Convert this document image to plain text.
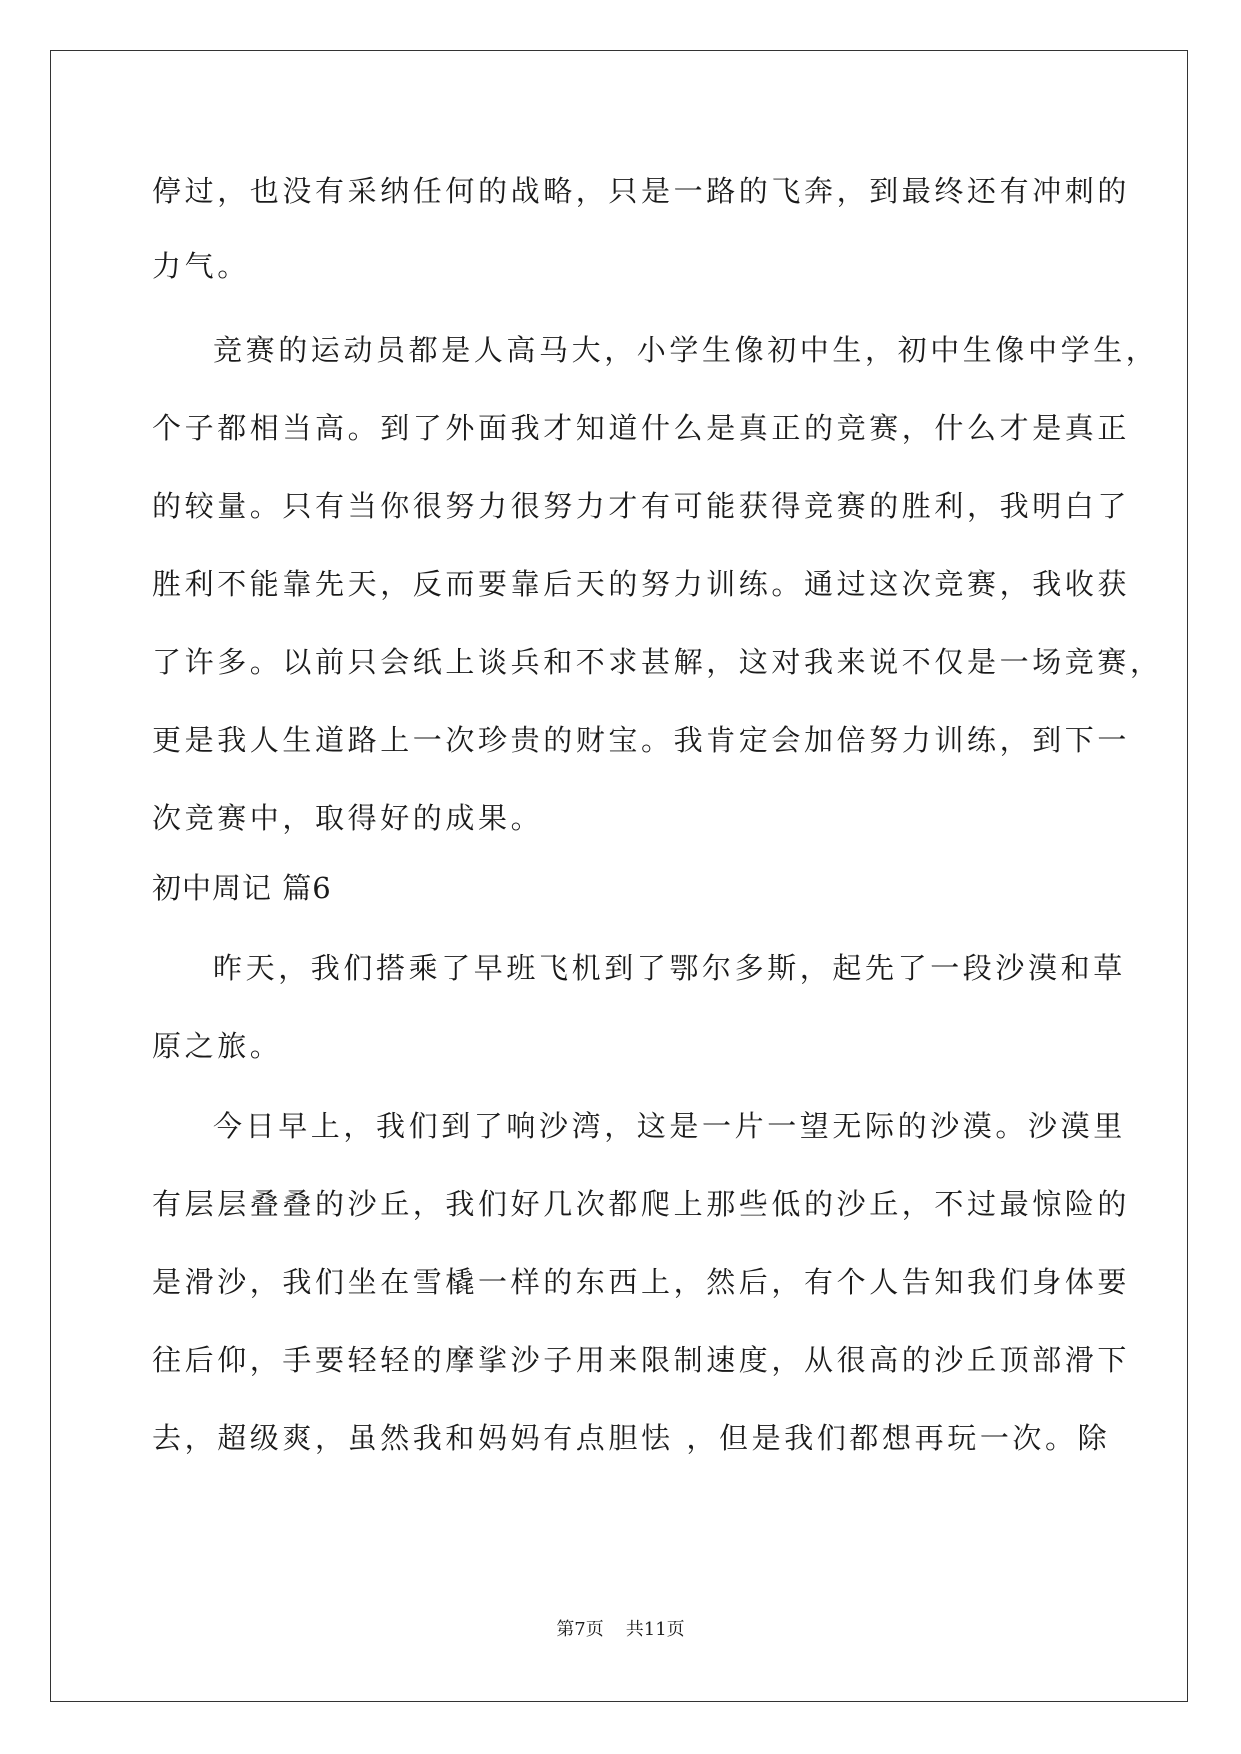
停过，也没有采纳任何的战略，只是一路的飞奔，到最终还有冲刺的
力气。
竞赛的运动员都是人高马大，小学生像初中生，初中生像中学生，
个子都相当高。到了外面我才知道什么是真正的竞赛，什么才是真正
的较量。只有当你很努力很努力才有可能获得竞赛的胜利，我明白了
胜利不能靠先天，反而要靠后天的努力训练。通过这次竞赛，我收获
了许多。以前只会纸上谈兵和不求甚解，这对我来说不仅是一场竞赛，
更是我人生道路上一次珍贵的财宝。我肯定会加倍努力训练，到下一
次竞赛中，取得好的成果。
初中周记 篇6
昨天，我们搭乘了早班飞机到了鄂尔多斯，起先了一段沙漠和草
原之旅。
今日早上，我们到了响沙湾，这是一片一望无际的沙漠。沙漠里
有层层叠叠的沙丘，我们好几次都爬上那些低的沙丘，不过最惊险的
是滑沙，我们坐在雪橇一样的东西上，然后，有个人告知我们身体要
往后仰，手要轻轻的摩挲沙子用来限制速度，从很高的沙丘顶部滑下
去，超级爽，虽然我和妈妈有点胆怯 ，但是我们都想再玩一次。除
第7页 共11页
